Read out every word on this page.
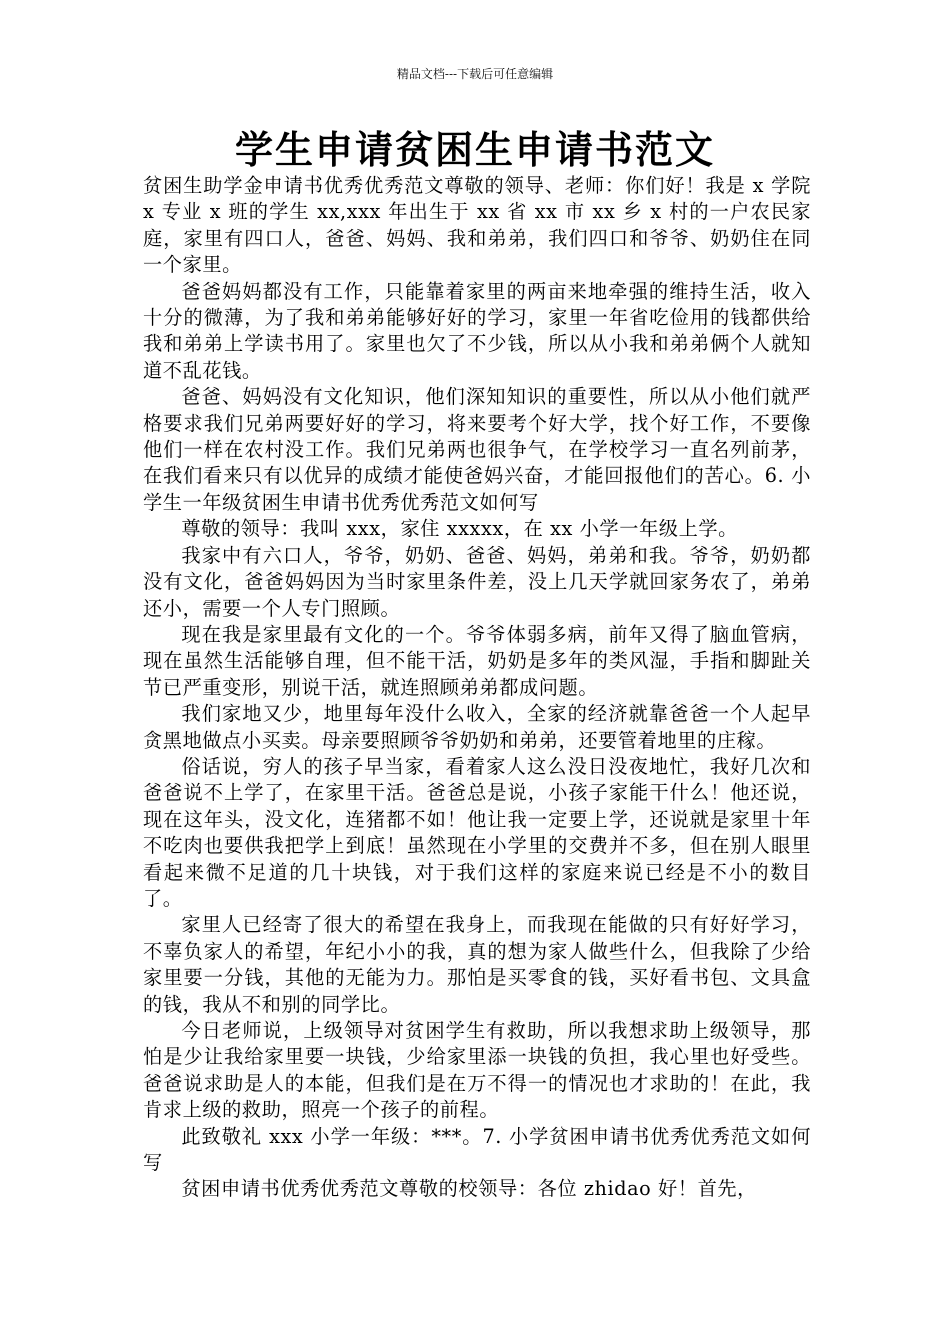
精品文档---下载后可任意编辑
学生申请贫困生申请书范文

贫困生助学金申请书优秀优秀范文尊敬的领导、老师：你们好！我是 x 学院 x 专业 x 班的学生 xx,xxx 年出生于 xx 省 xx 市 xx 乡 x 村的一户农民家庭，家里有四口人，爸爸、妈妈、我和弟弟，我们四口和爷爷、奶奶住在同一个家里。

爸爸妈妈都没有工作，只能靠着家里的两亩来地牵强的维持生活，收入十分的微薄，为了我和弟弟能够好好的学习，家里一年省吃俭用的钱都供给我和弟弟上学读书用了。家里也欠了不少钱，所以从小我和弟弟俩个人就知道不乱花钱。

爸爸、妈妈没有文化知识，他们深知知识的重要性，所以从小他们就严格要求我们兄弟两要好好的学习，将来要考个好大学，找个好工作，不要像他们一样在农村没工作。我们兄弟两也很争气，在学校学习一直名列前茅，在我们看来只有以优异的成绩才能使爸妈兴奋，才能回报他们的苦心。6. 小学生一年级贫困生申请书优秀优秀范文如何写

尊敬的领导：我叫 xxx，家住 xxxxx，在 xx 小学一年级上学。

我家中有六口人，爷爷，奶奶、爸爸、妈妈，弟弟和我。爷爷，奶奶都没有文化，爸爸妈妈因为当时家里条件差，没上几天学就回家务农了，弟弟还小，需要一个人专门照顾。

现在我是家里最有文化的一个。爷爷体弱多病，前年又得了脑血管病，现在虽然生活能够自理，但不能干活，奶奶是多年的类风湿，手指和脚趾关节已严重变形，别说干活，就连照顾弟弟都成问题。

我们家地又少，地里每年没什么收入，全家的经济就靠爸爸一个人起早贪黑地做点小买卖。母亲要照顾爷爷奶奶和弟弟，还要管着地里的庄稼。

俗话说，穷人的孩子早当家，看着家人这么没日没夜地忙，我好几次和爸爸说不上学了，在家里干活。爸爸总是说，小孩子家能干什么！他还说，现在这年头，没文化，连猪都不如！他让我一定要上学，还说就是家里十年不吃肉也要供我把学上到底！虽然现在小学里的交费并不多，但在别人眼里看起来微不足道的几十块钱，对于我们这样的家庭来说已经是不小的数目了。

家里人已经寄了很大的希望在我身上，而我现在能做的只有好好学习，不辜负家人的希望，年纪小小的我，真的想为家人做些什么，但我除了少给家里要一分钱，其他的无能为力。那怕是买零食的钱，买好看书包、文具盒的钱，我从不和别的同学比。

今日老师说，上级领导对贫困学生有救助，所以我想求助上级领导，那怕是少让我给家里要一块钱，少给家里添一块钱的负担，我心里也好受些。爸爸说求助是人的本能，但我们是在万不得一的情况也才求助的！在此，我肯求上级的救助，照亮一个孩子的前程。

此致敬礼 xxx 小学一年级：***。7. 小学贫困申请书优秀优秀范文如何写

贫困申请书优秀优秀范文尊敬的校领导：各位 zhidao 好！首先，
